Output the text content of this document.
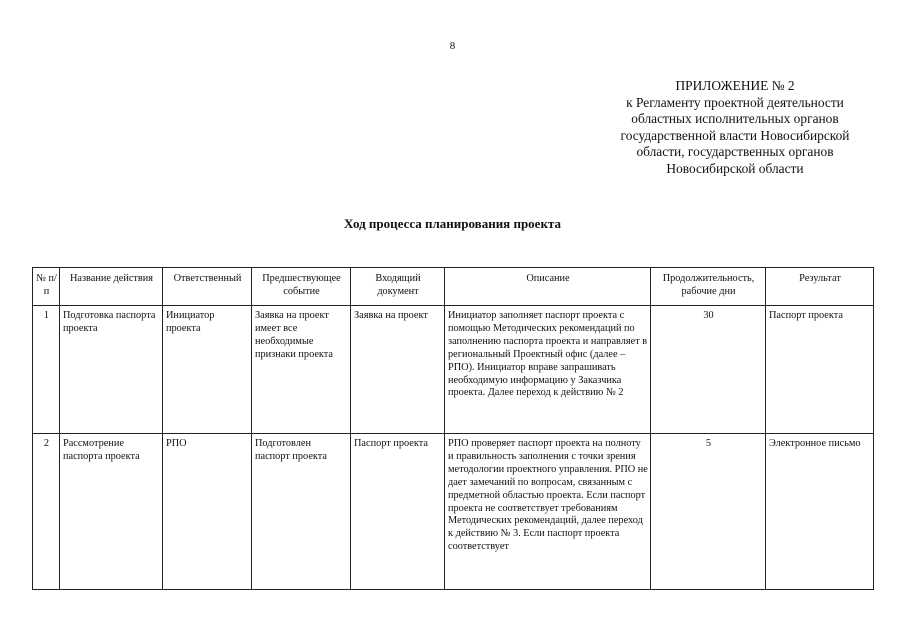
8
ПРИЛОЖЕНИЕ № 2
к Регламенту проектной деятельности
областных исполнительных органов
государственной власти Новосибирской
области, государственных органов
Новосибирской области
Ход процесса планирования проекта
№ п/п	Название действия	Ответственный	Предшествующее событие	Входящий документ	Описание	Продолжительность, рабочие дни	Результат
1	Подготовка паспорта проекта	Инициатор проекта	Заявка на проект имеет все необходимые признаки проекта	Заявка на проект	Инициатор заполняет паспорт проекта с помощью Методических рекомендаций по заполнению паспорта проекта и направляет в региональный Проектный офис (далее – РПО). Инициатор вправе запрашивать необходимую информацию у Заказчика проекта. Далее переход к действию № 2	30	Паспорт проекта
2	Рассмотрение паспорта проекта	РПО	Подготовлен паспорт проекта	Паспорт проекта	РПО проверяет паспорт проекта на полноту и правильность заполнения с точки зрения методологии проектного управления. РПО не дает замечаний по вопросам, связанным с предметной областью проекта. Если паспорт проекта не соответствует требованиям Методических рекомендаций, далее переход к действию № 3. Если паспорт проекта соответствует	5	Электронное письмо
